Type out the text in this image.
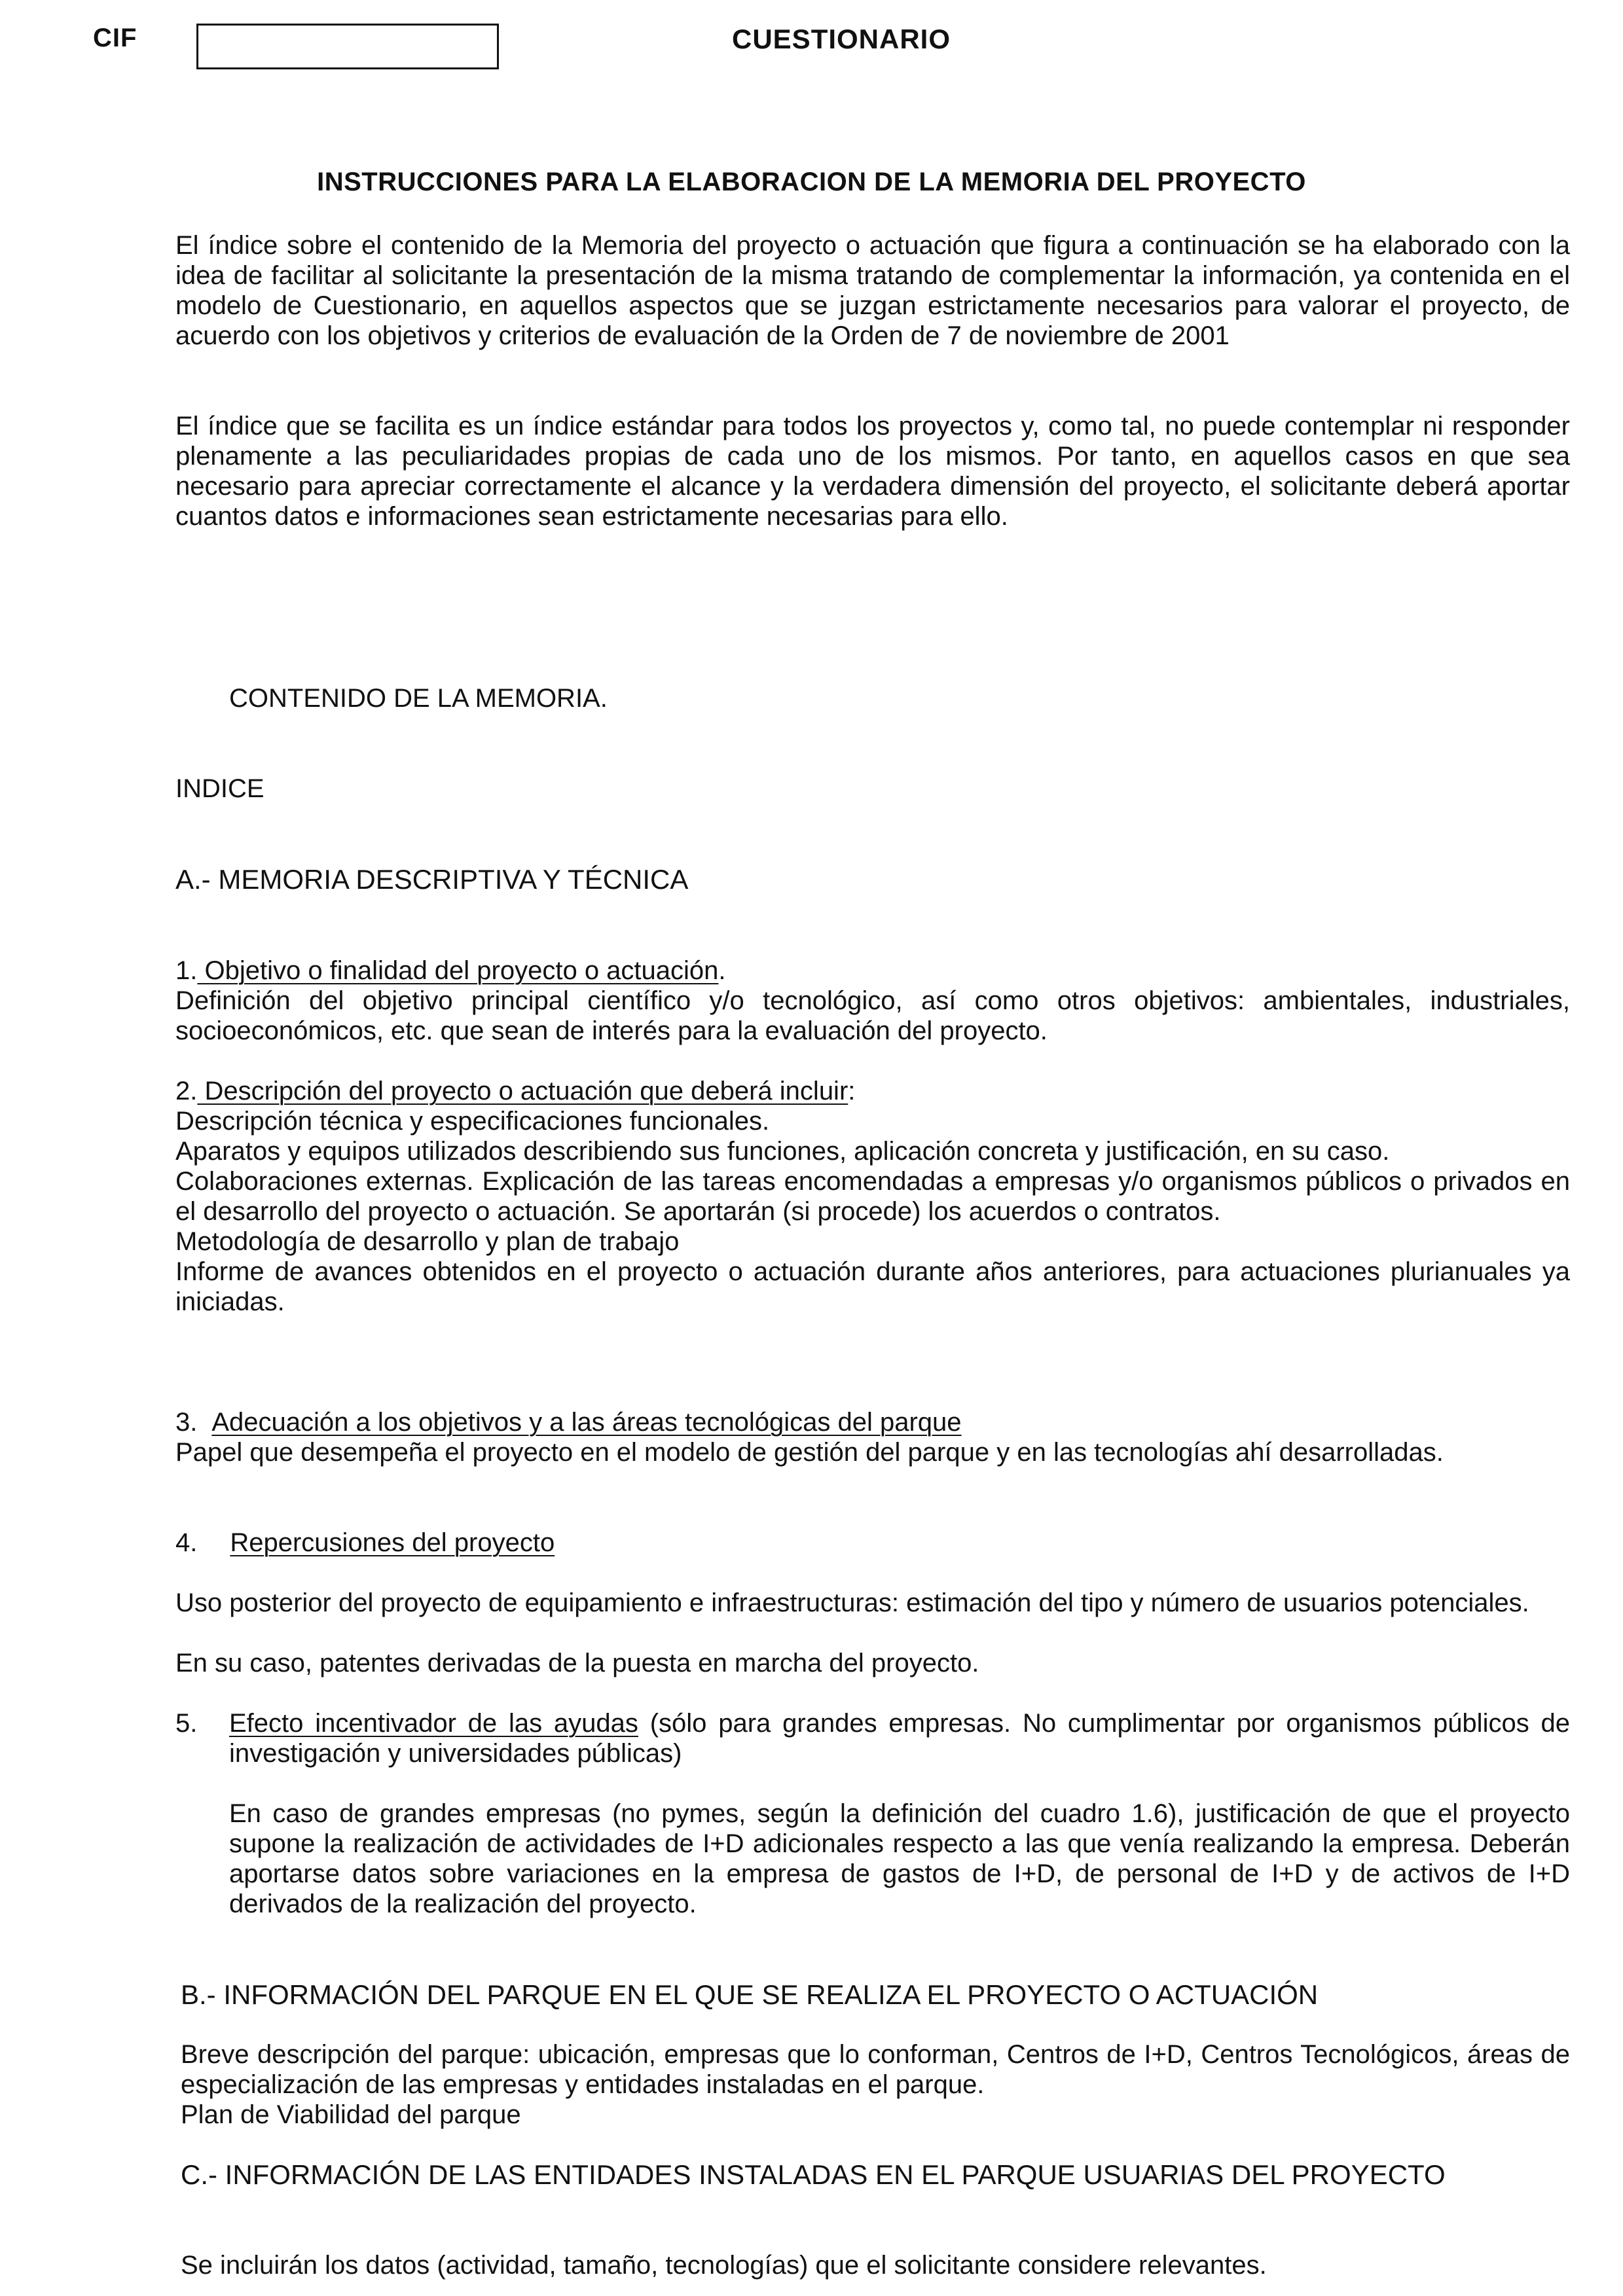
CIF	CUESTIONARIO
INSTRUCCIONES PARA LA ELABORACION DE LA MEMORIA DEL PROYECTO

El índice sobre el contenido de la Memoria del proyecto o actuación que figura a continuación se ha elaborado con la idea de facilitar al solicitante la presentación de la misma tratando de complementar la información, ya contenida en el modelo de Cuestionario, en aquellos aspectos que se juzgan estrictamente necesarios para valorar el proyecto, de acuerdo con los objetivos y criterios de evaluación de la Orden de 7 de noviembre de 2001

El índice que se facilita es un índice estándar para todos los proyectos y, como tal, no puede contemplar ni responder plenamente a las peculiaridades propias de cada uno de los mismos. Por tanto, en aquellos casos en que sea necesario para apreciar correctamente el alcance y la verdadera dimensión del proyecto, el solicitante deberá aportar cuantos datos e informaciones sean estrictamente necesarias para ello.

CONTENIDO DE LA MEMORIA.
INDICE
A.- MEMORIA DESCRIPTIVA Y TÉCNICA
1. Objetivo o finalidad del proyecto o actuación.

Definición del objetivo principal científico y/o tecnológico, así como otros objetivos: ambientales, industriales, socioeconómicos, etc. que sean de interés para la evaluación del proyecto.

2. Descripción del proyecto o actuación que deberá incluir:

Descripción técnica y especificaciones funcionales.

Aparatos y equipos utilizados describiendo sus funciones, aplicación concreta y justificación, en su caso.

Colaboraciones externas. Explicación de las tareas encomendadas a empresas y/o organismos públicos o privados en el desarrollo del proyecto o actuación. Se aportarán (si procede) los acuerdos o contratos.

Metodología de desarrollo y plan de trabajo

Informe de avances obtenidos en el proyecto o actuación durante años anteriores, para actuaciones plurianuales ya iniciadas.

3. Adecuación a los objetivos y a las áreas tecnológicas del parque

Papel que desempeña el proyecto en el modelo de gestión del parque y en las tecnologías ahí desarrolladas.

4. Repercusiones del proyecto

Uso posterior del proyecto de equipamiento e infraestructuras: estimación del tipo y número de usuarios potenciales.

En su caso, patentes derivadas de la puesta en marcha del proyecto.

5. Efecto incentivador de las ayudas (sólo para grandes empresas. No cumplimentar por organismos públicos de investigación y universidades públicas)

En caso de grandes empresas (no pymes, según la definición del cuadro 1.6), justificación de que el proyecto supone la realización de actividades de I+D adicionales respecto a las que venía realizando la empresa. Deberán aportarse datos sobre variaciones en la empresa de gastos de I+D, de personal de I+D y de activos de I+D derivados de la realización del proyecto.

B.- INFORMACIÓN DEL PARQUE EN EL QUE SE REALIZA EL PROYECTO O ACTUACIÓN

Breve descripción del parque: ubicación, empresas que lo conforman, Centros de I+D, Centros Tecnológicos, áreas de especialización de las empresas y entidades instaladas en el parque.

Plan de Viabilidad del parque

C.- INFORMACIÓN DE LAS ENTIDADES INSTALADAS EN EL PARQUE USUARIAS DEL PROYECTO

Se incluirán los datos (actividad, tamaño, tecnologías) que el solicitante considere relevantes.
